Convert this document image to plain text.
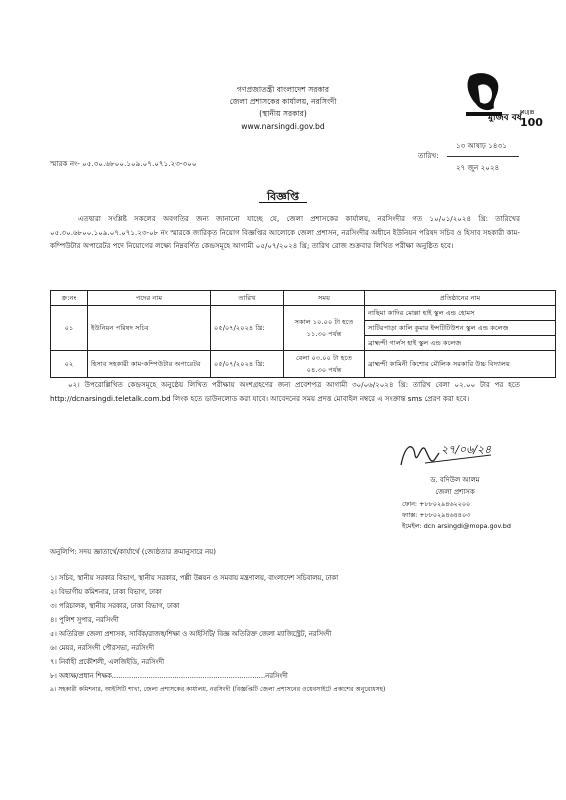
গণপ্রজাতন্ত্রী বাংলাদেশ সরকার
জেলা প্রশাসকের কার্যালয়, নরসিংদী
(স্থানীয় সরকার)
www.narsingdi.gov.bd
মুজিব বর্ষ
MUJIB
100
স্মারক নং- ০৫.৩০.৬৮০০.১০৯.০৭.০৭১.২৩-৩০০
১৩ আষাঢ় ১৪৩১
তারিখ:
২৭ জুন ২০২৪
বিজ্ঞপ্তি
এতদ্বারা সংশ্লিষ্ট সকলের অবগতির জন্য জানানো যাচ্ছে যে, জেলা প্রশাসকের কার্যালয়, নরসিংদীর গত ১০/০১/২০২৪ খ্রি: তারিখের ০৫.৩০.৬৮০০.১০৯.০৭.০৭১.২৩-০৮ নং স্মারকে জারিকৃত নিয়োগ বিজ্ঞপ্তির আলোকে জেলা প্রশাসন, নরসিংদীর অধীনে ইউনিয়ন পরিষদ সচিব ও হিসাব সহকারী কাম-কম্পিউটার অপারেটর পদে নিয়োগের লক্ষ্যে নিম্নবর্ণিত কেন্দ্রসমূহে আগামী ০৫/০৭/২০২৪ খ্রি; তারিখ রোজ শুক্রবার লিখিত পরীক্ষা অনুষ্ঠিত হবে।
ক্র:নং	পদের নাম	তারিখ	সময়	প্রতিষ্ঠানের নাম
০১	ইউনিয়ন পরিষদ সচিব	০৫/০৭/২০২৪ খ্রি:	সকাল ১০.০০ টা হতে ১১.৩০ পর্যন্ত	নাছিমা কাদির মোল্লা হাই স্কুল এন্ড হোমস
				সাটিরপাড়া কালি কুমার ইন্সটিটিউশন স্কুল এন্ড কলেজ
				ব্রাহ্মন্দী গার্লস হাই স্কুল এন্ড কলেজ
০২	হিসাব সহকারী কাম-কম্পিউটার অপারেটর	০৫/০৭/২০২৪ খ্রি:	বেলা ০৩.০০ টা হতে ০৪.৩০ পর্যন্ত	ব্রাহ্মন্দী কামিনী কিশোর মৌলিক সরকারি উচ্চ বিদ্যালয়
০২। উপরোল্লিখিত কেন্দ্রসমূহে অনুষ্ঠেয় লিখিত পরীক্ষায় অংশগ্রহণের জন্য প্রবেশপত্র আগামী ৩০/০৬/২০২৪ খ্রি: তারিখ বেলা ০২.০০ টার পর হতে http://dcnarsingdi.teletalk.com.bd লিংক হতে ডাউনলোড করা যাবে। আবেদনের সময় প্রদত্ত মোবাইল নম্বরে এ সংক্রান্ত sms প্রেরণ করা হবে।
২৭/০৬/২৪
ড. বদিউল আলম
জেলা প্রশাসক
ফোন: +৮৮০২৯৪৬২২০০
ফ্যাক্স: +৮৮০২৯৪৬৪৪০৩
ইমেইল: dcn arsingdi@mopa.gov.bd
অনুলিপি: সদয় জ্ঞাতার্থে/কার্যার্থে (জ্যেষ্ঠতার ক্রমানুসারে নয়)
১। সচিব, স্থানীয় সরকার বিভাগ, স্থানীয় সরকার, পল্লী উন্নয়ন ও সমবায় মন্ত্রণালয়, বাংলাদেশ সচিবালয়, ঢাকা
২। বিভাগীয় কমিশনার, ঢাকা বিভাগ, ঢাকা
৩। পরিচালক, স্থানীয় সরকার, ঢাকা বিভাগ, ঢাকা
৪। পুলিশ সুপার, নরসিংদী
৫। অতিরিক্ত জেলা প্রশাসক, সার্বিক/রাজস্ব/শিক্ষা ও আইসিটি/ বিজ্ঞ অতিরিক্ত জেলা ম্যাজিস্ট্রেট, নরসিংদী
৬। মেয়র, নরসিংদী পৌরসভা, নরসিংদী
৭। নির্বাহী প্রকৌশলী, এলজিইডি, নরসিংদী
৮। অধ্যক্ষ/প্রধান শিক্ষক.......................................................................নরসিংদী
৯। সহকারী কমিশনার, আইসিটি শাখা, জেলা প্রশাসকের কার্যালয়, নরসিংদী (বিজ্ঞপ্তিটি জেলা প্রশাসনের ওয়েবসাইটে প্রকাশের অনুরোধসহ)
